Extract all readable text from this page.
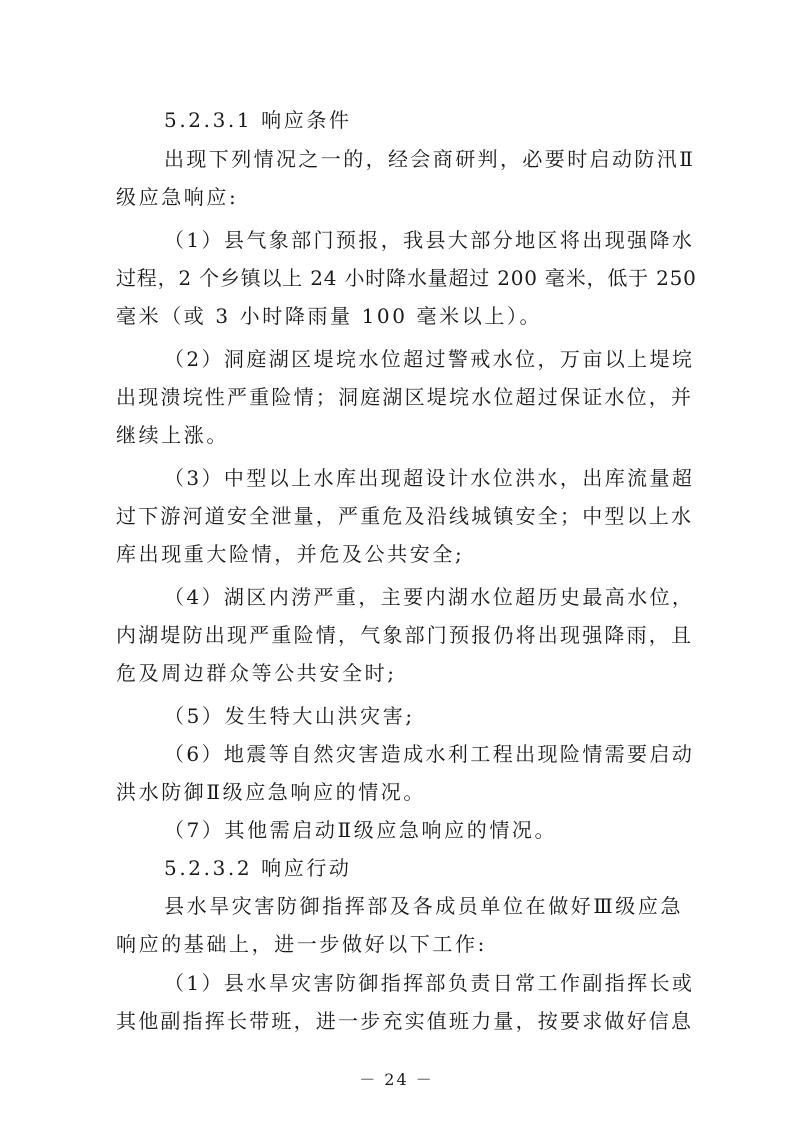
5.2.3.1 响应条件
出现下列情况之一的，经会商研判，必要时启动防汛Ⅱ
级应急响应:
（1）县气象部门预报，我县大部分地区将出现强降水
过程，2 个乡镇以上 24 小时降水量超过 200 毫米，低于 250
毫米（或 3 小时降雨量 100 毫米以上）。
（2）洞庭湖区堤垸水位超过警戒水位，万亩以上堤垸
出现溃垸性严重险情；洞庭湖区堤垸水位超过保证水位，并
继续上涨。
（3）中型以上水库出现超设计水位洪水，出库流量超
过下游河道安全泄量，严重危及沿线城镇安全；中型以上水
库出现重大险情，并危及公共安全;
（4）湖区内涝严重，主要内湖水位超历史最高水位，
内湖堤防出现严重险情，气象部门预报仍将出现强降雨，且
危及周边群众等公共安全时;
（5）发生特大山洪灾害;
（6）地震等自然灾害造成水利工程出现险情需要启动
洪水防御Ⅱ级应急响应的情况。
（7）其他需启动Ⅱ级应急响应的情况。
5.2.3.2 响应行动
县水旱灾害防御指挥部及各成员单位在做好Ⅲ级应急
响应的基础上，进一步做好以下工作:
（1）县水旱灾害防御指挥部负责日常工作副指挥长或
其他副指挥长带班，进一步充实值班力量，按要求做好信息
－ 24 －
